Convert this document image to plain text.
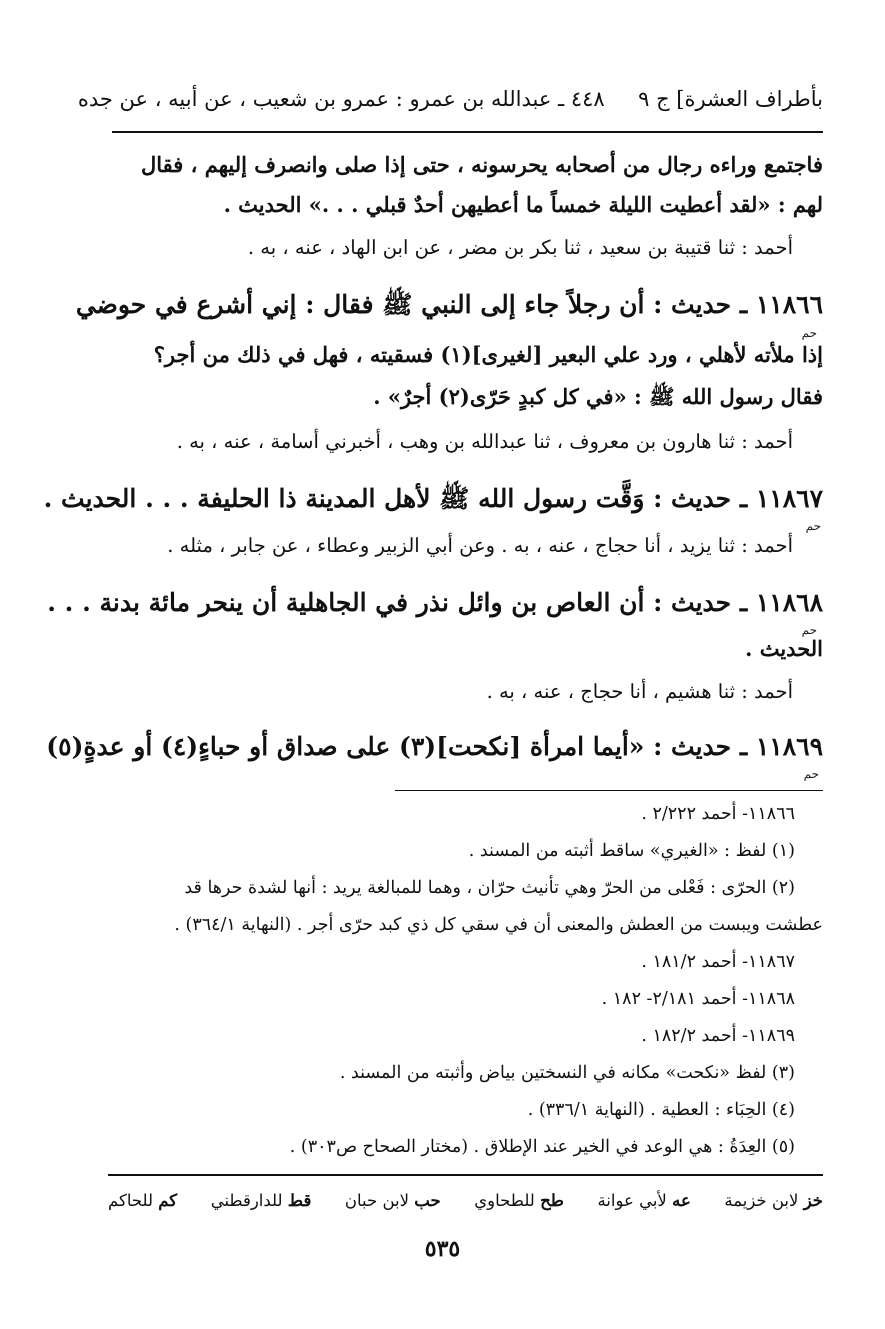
بأطراف العشرة] ج ٩     ٤٤٨ ـ عبدالله بن عمرو : عمرو بن شعيب ، عن أبيه ، عن جده
فاجتمع وراءه رجال من أصحابه يحرسونه ، حتى إذا صلى وانصرف إليهم ، فقال
لهم : «لقد أعطيت الليلة خمساً ما أعطيهن أحدٌ قبلي . . .» الحديث .
أحمد : ثنا قتيبة بن سعيد ، ثنا بكر بن مضر ، عن ابن الهاد ، عنه ، به .
١١٨٦٦ ـ حديث : أن رجلاً جاء إلى النبي ﷺ فقال : إني أشرع في حوضي
حم
إذا ملأته لأهلي ، ورد علي البعير [لغيرى](١) فسقيته ، فهل في ذلك من أجر؟
فقال رسول الله ﷺ : «في كل كبدٍ حَرّى(٢) أجرٌ» .
أحمد : ثنا هارون بن معروف ، ثنا عبدالله بن وهب ، أخبرني أسامة ، عنه ، به .
١١٨٦٧ ـ حديث : وَقَّت رسول الله ﷺ لأهل المدينة ذا الحليفة . . . الحديث .
حم
أحمد : ثنا يزيد ، أنا حجاج ، عنه ، به . وعن أبي الزبير وعطاء ، عن جابر ، مثله .
١١٨٦٨ ـ حديث : أن العاص بن وائل نذر في الجاهلية أن ينحر مائة بدنة . . .
حم
الحديث .
أحمد : ثنا هشيم ، أنا حجاج ، عنه ، به .
١١٨٦٩ ـ حديث : «أيما امرأة [نكحت](٣) على صداق أو حباءٍ(٤) أو عدةٍ(٥)
حم
١١٨٦٦- أحمد ٢/٢٢٢ .
(١) لفظ : «الغيري» ساقط أثبته من المسند .
(٢) الحرّى : فَعْلى من الحرّ وهي تأنيث حرّان ، وهما للمبالغة يريد : أنها لشدة حرها قد
عطشت ويبست من العطش والمعنى أن في سقي كل ذي كبد حرّى أجر . (النهاية ٣٦٤/١) .
١١٨٦٧- أحمد ١٨١/٢ .
١١٨٦٨- أحمد ٢/١٨١- ١٨٢ .
١١٨٦٩- أحمد ١٨٢/٢ .
(٣) لفظ «نكحت» مكانه في النسختين بياض وأثبته من المسند .
(٤) الحِبَاء : العطية . (النهاية ٣٣٦/١) .
(٥) العِدَةُ : هي الوعد في الخير عند الإطلاق . (مختار الصحاح ص٣٠٣) .
خز لابن خزيمة
عه لأبي عوانة
طح للطحاوي
حب لابن حبان
قط للدارقطني
كم للحاكم
٥٣٥
